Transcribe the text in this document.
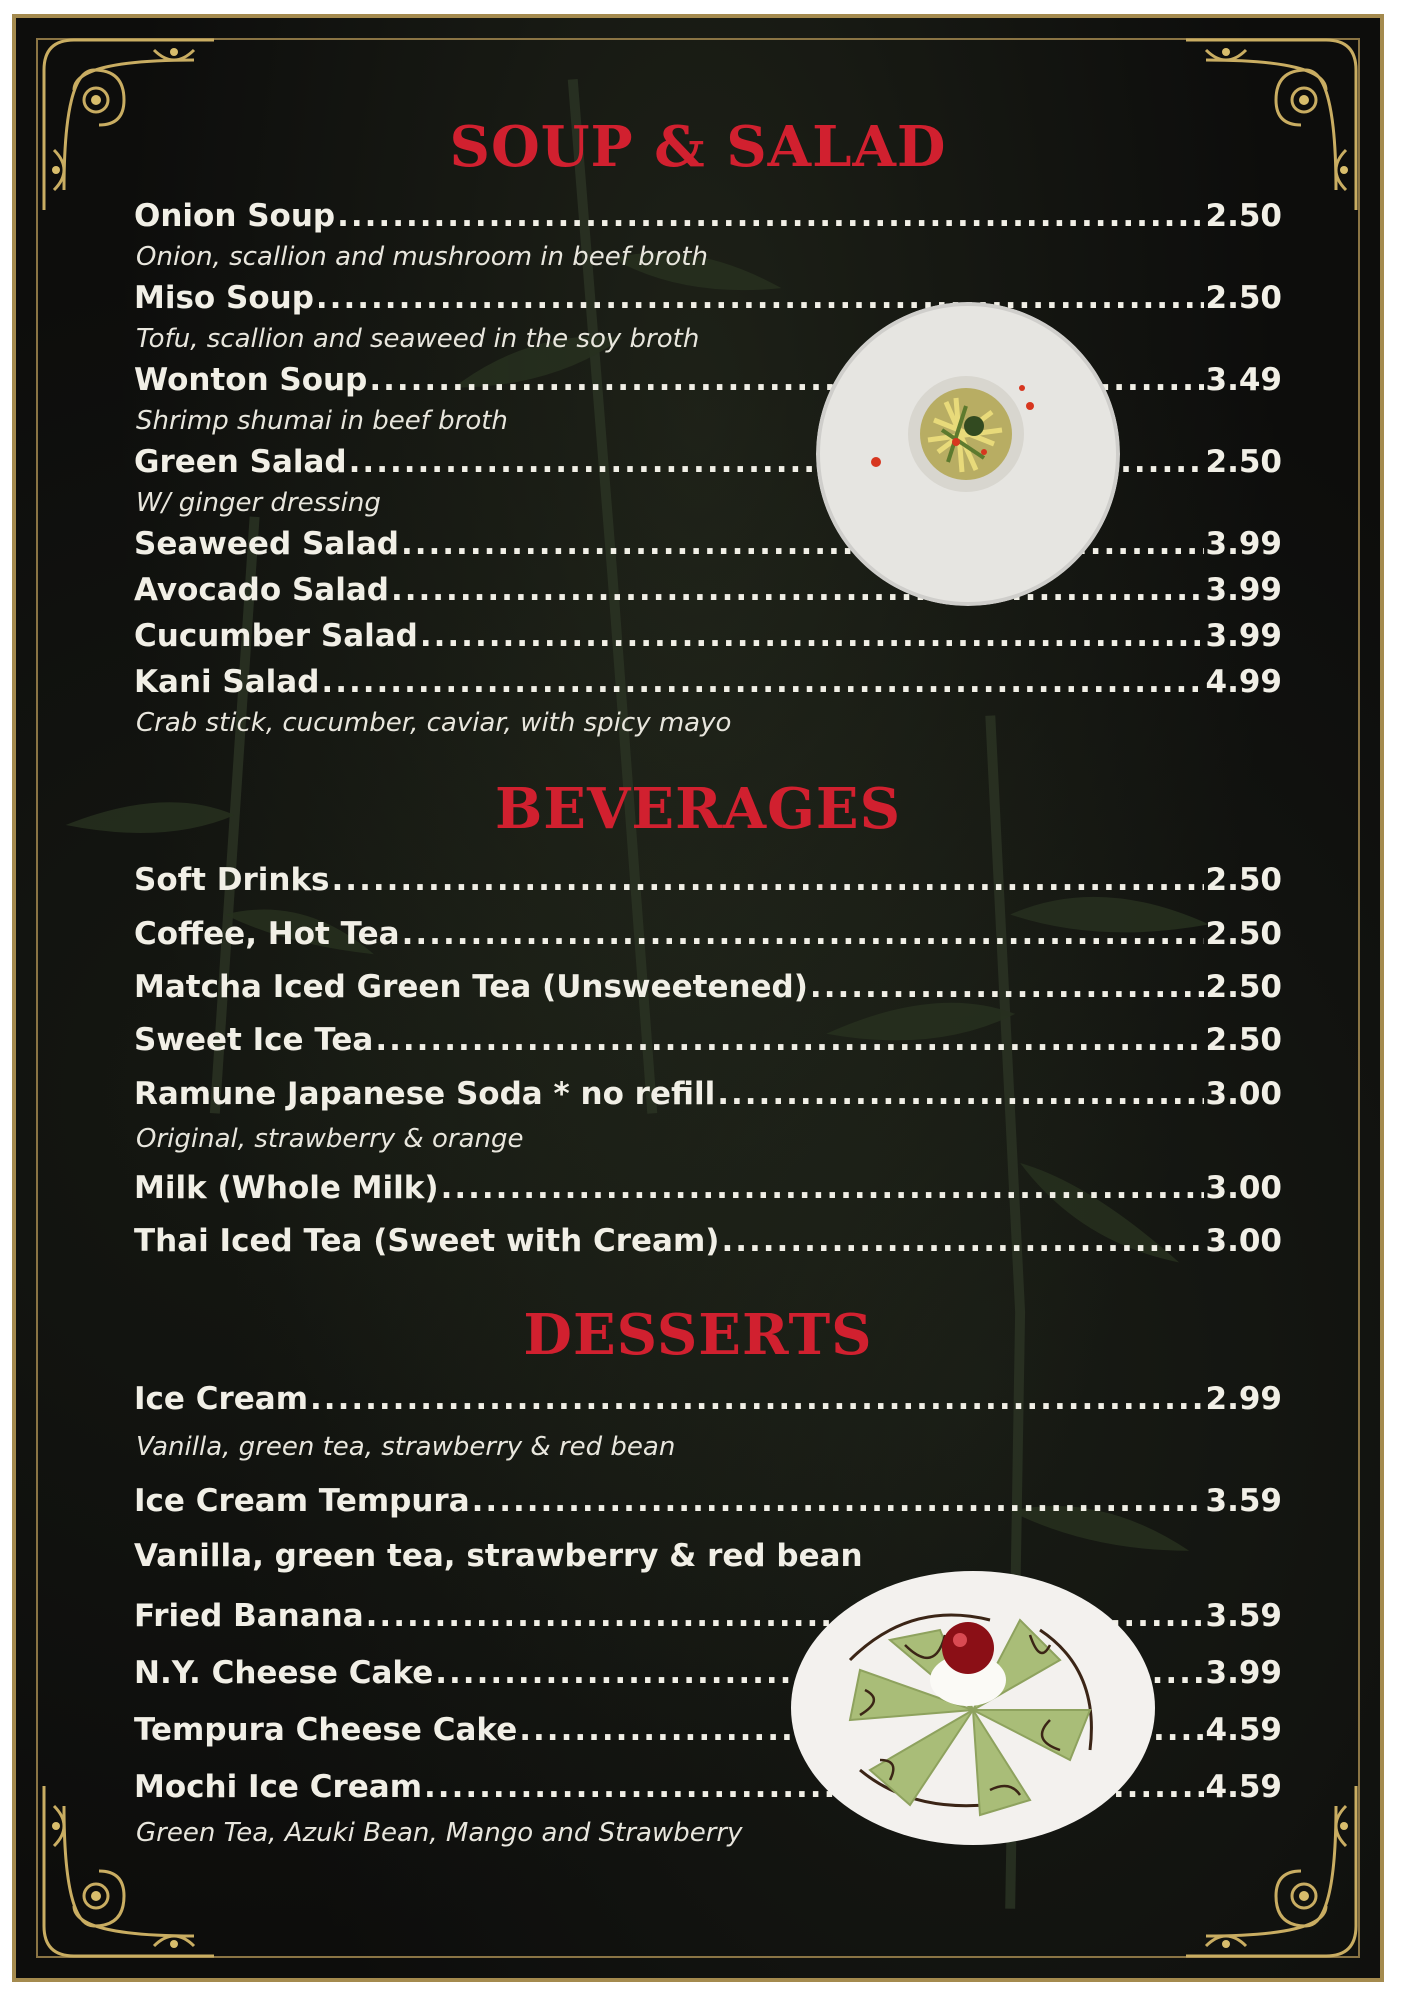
SOUP & SALAD
Onion Soup .....	2.50
Onion, scallion and mushroom in beef broth
Miso Soup .....	2.50
Tofu, scallion and seaweed in the soy broth
Wonton Soup .....	3.49
Shrimp shumai in beef broth
Green Salad .....	2.50
W/ ginger dressing
Seaweed Salad .....	3.99
Avocado Salad .....	3.99
Cucumber Salad .....	3.99
Kani Salad .....	4.99
Crab stick, cucumber, caviar, with spicy mayo
BEVERAGES
Soft Drinks .....	2.50
Coffee, Hot Tea .....	2.50
Matcha Iced Green Tea (Unsweetened) .....	2.50
Sweet Ice Tea .....	2.50
Ramune Japanese Soda * no refill .....	3.00
Original, strawberry & orange
Milk (Whole Milk) .....	3.00
Thai Iced Tea (Sweet with Cream) .....	3.00
DESSERTS
Ice Cream .....	2.99
Vanilla, green tea, strawberry & red bean
Ice Cream Tempura .....	3.59
Vanilla, green tea, strawberry & red bean
Fried Banana .....	3.59
N.Y. Cheese Cake .....	3.99
Tempura Cheese Cake .....	4.59
Mochi Ice Cream .....	4.59
Green Tea, Azuki Bean, Mango and Strawberry
